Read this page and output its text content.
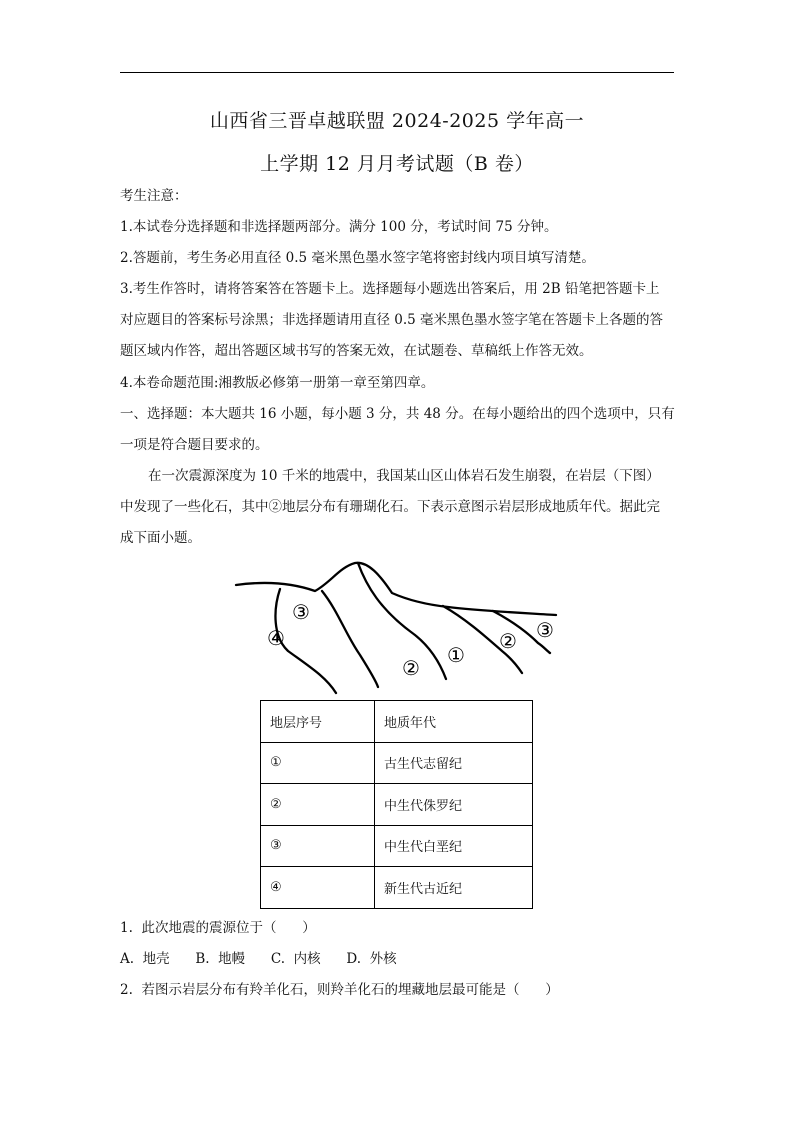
山西省三晋卓越联盟 2024-2025 学年高一
上学期 12 月月考试题（B 卷）
考生注意：
1.本试卷分选择题和非选择题两部分。满分 100 分，考试时间 75 分钟。
2.答题前，考生务必用直径 0.5 毫米黑色墨水签字笔将密封线内项目填写清楚。
3.考生作答时，请将答案答在答题卡上。选择题每小题选出答案后，用 2B 铅笔把答题卡上
对应题目的答案标号涂黑；非选择题请用直径 0.5 毫米黑色墨水签字笔在答题卡上各题的答
题区域内作答，超出答题区域书写的答案无效，在试题卷、草稿纸上作答无效。
4.本卷命题范围:湘教版必修第一册第一章至第四章。
一、选择题：本大题共 16 小题，每小题 3 分，共 48 分。在每小题给出的四个选项中，只有
一项是符合题目要求的。
在一次震源深度为 10 千米的地震中，我国某山区山体岩石发生崩裂，在岩层（下图）
中发现了一些化石，其中②地层分布有珊瑚化石。下表示意图示岩层形成地质年代。据此完
成下面小题。
③
④
②
①
② ③
地层序号	地质年代
①	古生代志留纪
②	中生代侏罗纪
③	中生代白垩纪
④	新生代古近纪
1.  此次地震的震源位于（      ）
A.  地壳      B.  地幔      C.  内核      D.  外核
2.  若图示岩层分布有羚羊化石，则羚羊化石的埋藏地层最可能是（      ）
